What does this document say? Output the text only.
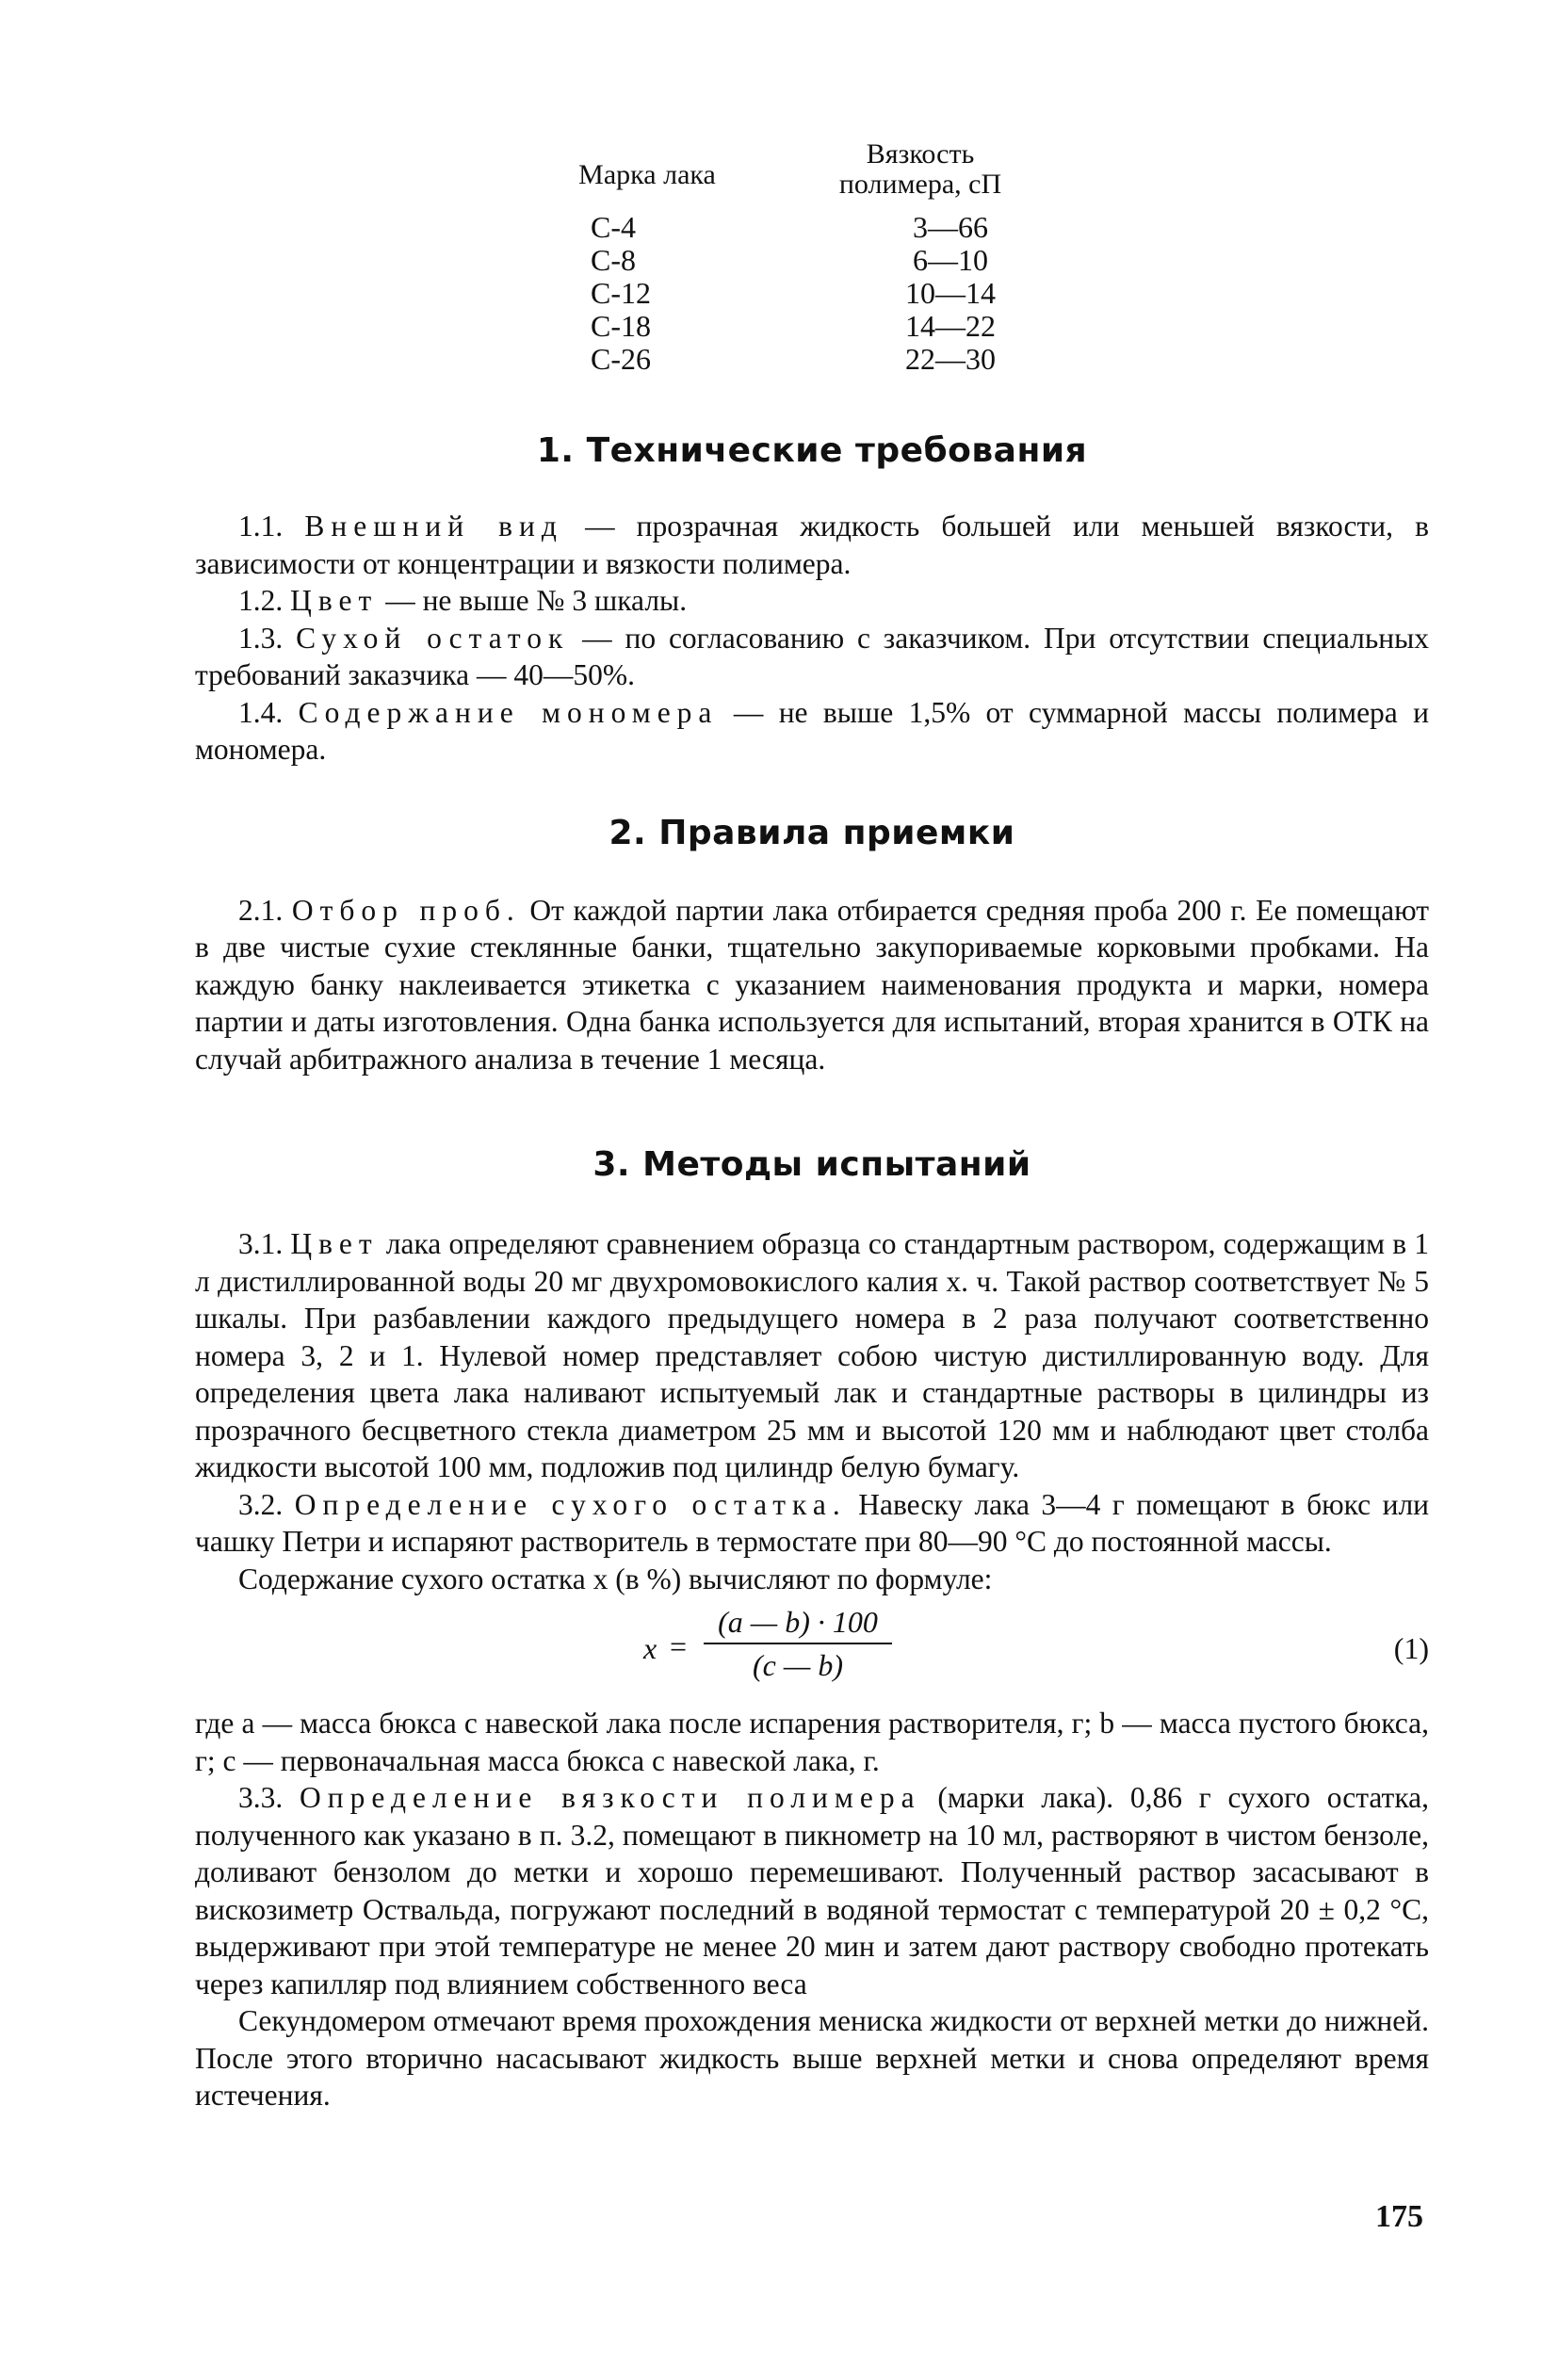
Марка лака
Вязкость полимера, сП
С-4
С-8
С-12
С-18
С-26
3—66
6—10
10—14
14—22
22—30
1. Технические требования

1.1. Внешний вид — прозрачная жидкость большей или меньшей вязкости, в зависимости от концентрации и вязкости полимера.

1.2. Цвет — не выше № 3 шкалы.

1.3. Сухой остаток — по согласованию с заказчиком. При отсутствии специальных требований заказчика — 40—50%.

1.4. Содержание мономера — не выше 1,5% от суммарной массы полимера и мономера.

2. Правила приемки

2.1. Отбор проб. От каждой партии лака отбирается средняя проба 200 г. Ее помещают в две чистые сухие стеклянные банки, тщательно закупориваемые корковыми пробками. На каждую банку наклеивается этикетка с указанием наименования продукта и марки, номера партии и даты изготовления. Одна банка используется для испытаний, вторая хранится в ОТК на случай арбитражного анализа в течение 1 месяца.

3. Методы испытаний

3.1. Цвет лака определяют сравнением образца со стандартным раствором, содержащим в 1 л дистиллированной воды 20 мг двухромовокислого калия х. ч. Такой раствор соответствует № 5 шкалы. При разбавлении каждого предыдущего номера в 2 раза получают соответственно номера 3, 2 и 1. Нулевой номер представляет собою чистую дистиллированную воду. Для определения цвета лака наливают испытуемый лак и стандартные растворы в цилиндры из прозрачного бесцветного стекла диаметром 25 мм и высотой 120 мм и наблюдают цвет столба жидкости высотой 100 мм, подложив под цилиндр белую бумагу.

3.2. Определение сухого остатка. Навеску лака 3—4 г помещают в бюкс или чашку Петри и испаряют растворитель в термостате при 80—90 °С до постоянной массы.

Содержание сухого остатка x (в %) вычисляют по формуле:

x =
(a — b) · 100
(c — b)	(1)

где a — масса бюкса с навеской лака после испарения растворителя, г; b — масса пустого бюкса, г; c — первоначальная масса бюкса с навеской лака, г.

3.3. Определение вязкости полимера (марки лака). 0,86 г сухого остатка, полученного как указано в п. 3.2, помещают в пикнометр на 10 мл, растворяют в чистом бензоле, доливают бензолом до метки и хорошо перемешивают. Полученный раствор засасывают в вискозиметр Оствальда, погружают последний в водяной термостат с температурой 20 ± 0,2 °С, выдерживают при этой температуре не менее 20 мин и затем дают раствору свободно протекать через капилляр под влиянием собственного веса

Секундомером отмечают время прохождения мениска жидкости от верхней метки до нижней. После этого вторично насасывают жидкость выше верхней метки и снова определяют время истечения.

175
